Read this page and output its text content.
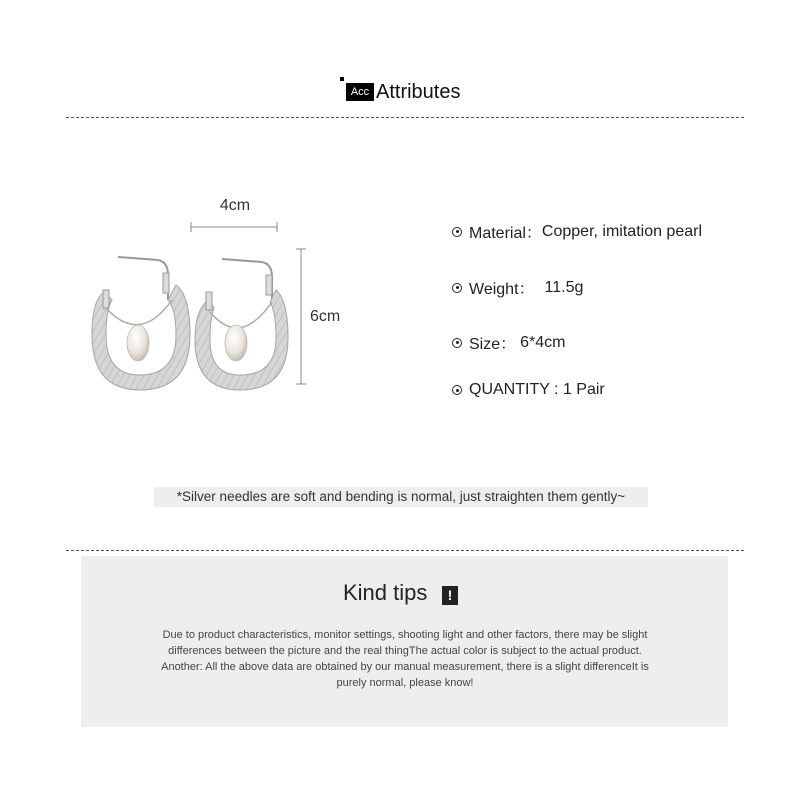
Acc Attributes
4cm
6cm
Material： Copper, imitation pearl
Weight： 11.5g
Size： 6*4cm
QUANTITY : 1 Pair
*Silver needles are soft and bending is normal, just straighten them gently~
Kind tips	!
Due to product characteristics, monitor settings, shooting light and other factors, there may be slight
differences between the picture and the real thingThe actual color is subject to the actual product.
Another: All the above data are obtained by our manual measurement, there is a slight differenceIt is
purely normal, please know!
